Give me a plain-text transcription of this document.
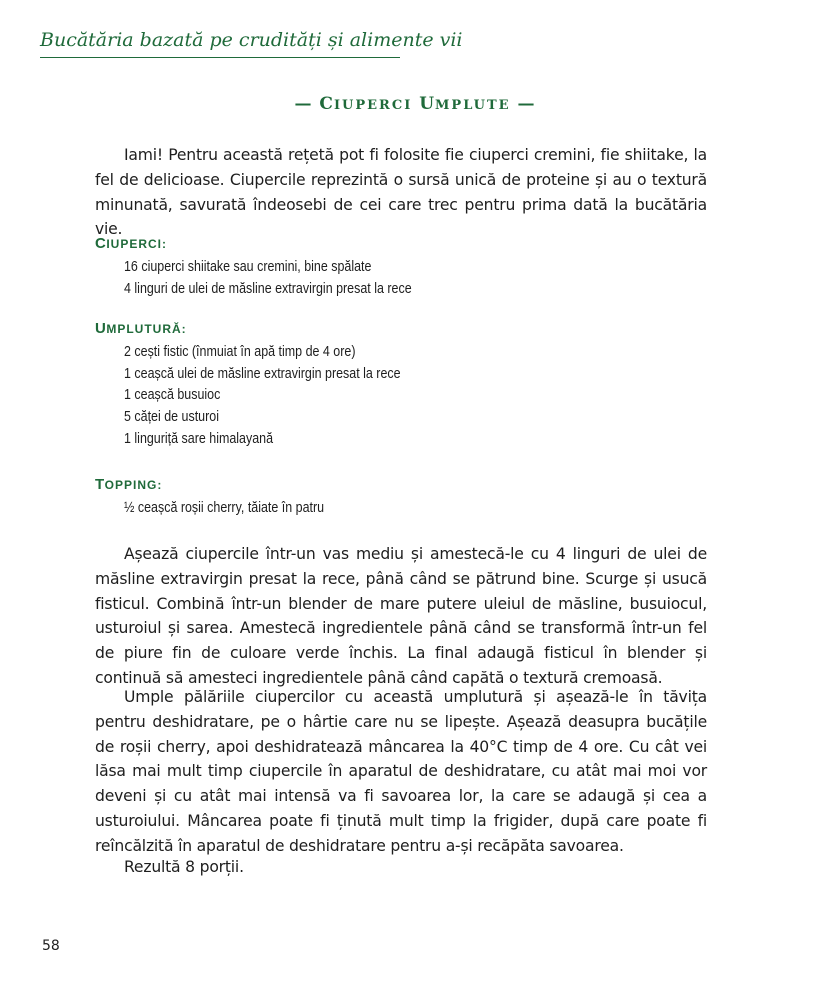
Bucătăria bazată pe crudități și alimente vii
— CIUPERCI UMPLUTE —

Iami! Pentru această rețetă pot fi folosite fie ciuperci cremini, fie shiitake, la fel de delicioase. Ciupercile reprezintă o sursă unică de proteine și au o textură minunată, savurată îndeosebi de cei care trec pentru prima dată la bucătăria vie.

CIUPERCI:
16 ciuperci shiitake sau cremini, bine spălate
4 linguri de ulei de măsline extravirgin presat la rece
UMPLUTURĂ:
2 cești fistic (înmuiat în apă timp de 4 ore)
1 ceașcă ulei de măsline extravirgin presat la rece
1 ceașcă busuioc
5 căței de usturoi
1 linguriță sare himalayană
TOPPING:
½ ceașcă roșii cherry, tăiate în patru

Așează ciupercile într-un vas mediu și amestecă-le cu 4 linguri de ulei de măsline extravirgin presat la rece, până când se pătrund bine. Scurge și usucă fisticul. Combină într-un blender de mare putere uleiul de măsline, busuiocul, usturoiul și sarea. Amestecă ingredientele până când se transformă într-un fel de piure fin de culoare verde închis. La final adaugă fisticul în blender și continuă să amesteci ingredientele până când capătă o textură cremoasă.

Umple pălăriile ciupercilor cu această umplutură și așează-le în tăvița pentru deshidratare, pe o hârtie care nu se lipește. Așează deasupra bucățile de roșii cherry, apoi deshidratează mâncarea la 40°C timp de 4 ore. Cu cât vei lăsa mai mult timp ciupercile în aparatul de deshidratare, cu atât mai moi vor deveni și cu atât mai intensă va fi savoarea lor, la care se adaugă și cea a usturoiului. Mâncarea poate fi ținută mult timp la frigider, după care poate fi reîncălzită în aparatul de deshidratare pentru a-și recăpăta savoarea.

Rezultă 8 porții.

58
